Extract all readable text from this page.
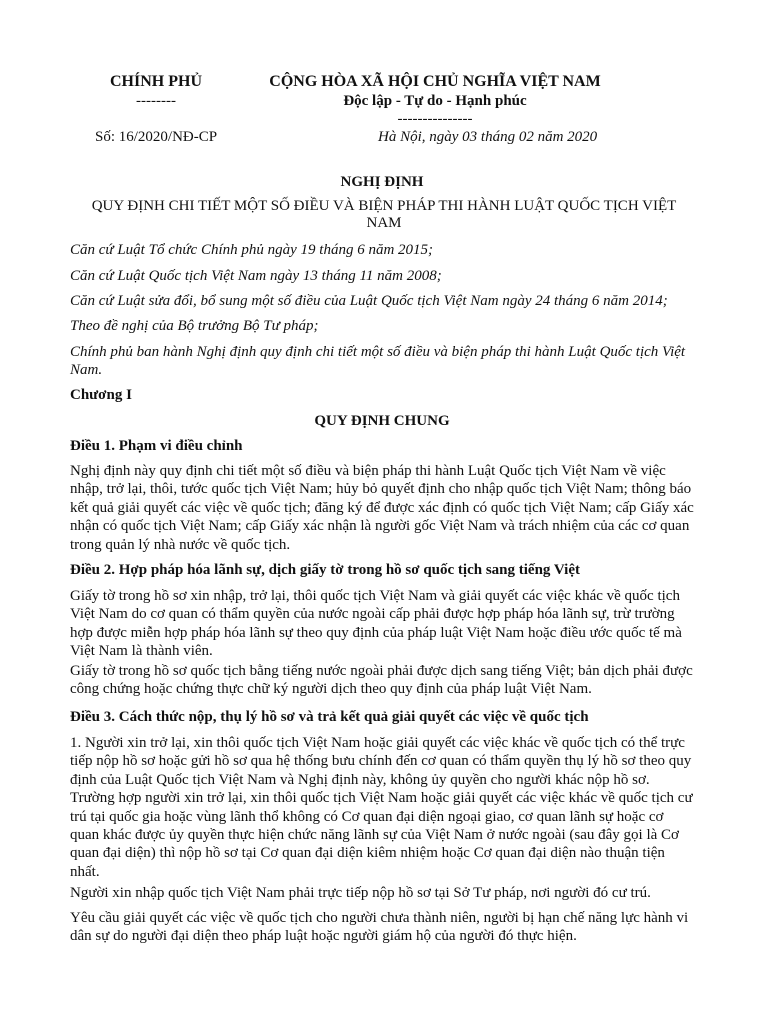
CHÍNH PHỦ
--------
CỘNG HÒA XÃ HỘI CHỦ NGHĨA VIỆT NAM
Độc lập - Tự do - Hạnh phúc
---------------
Số: 16/2020/NĐ-CP	Hà Nội, ngày 03 tháng 02 năm 2020
NGHỊ ĐỊNH
QUY ĐỊNH CHI TIẾT MỘT SỐ ĐIỀU VÀ BIỆN PHÁP THI HÀNH LUẬT QUỐC TỊCH VIỆT NAM
Căn cứ Luật Tổ chức Chính phủ ngày 19 tháng 6 năm 2015;
Căn cứ Luật Quốc tịch Việt Nam ngày 13 tháng 11 năm 2008;
Căn cứ Luật sửa đổi, bổ sung một số điều của Luật Quốc tịch Việt Nam ngày 24 tháng 6 năm 2014;
Theo đề nghị của Bộ trưởng Bộ Tư pháp;
Chính phủ ban hành Nghị định quy định chi tiết một số điều và biện pháp thi hành Luật Quốc tịch Việt Nam.
Chương I
QUY ĐỊNH CHUNG
Điều 1. Phạm vi điều chỉnh
Nghị định này quy định chi tiết một số điều và biện pháp thi hành Luật Quốc tịch Việt Nam về việc nhập, trở lại, thôi, tước quốc tịch Việt Nam; hủy bỏ quyết định cho nhập quốc tịch Việt Nam; thông báo kết quả giải quyết các việc về quốc tịch; đăng ký để được xác định có quốc tịch Việt Nam; cấp Giấy xác nhận có quốc tịch Việt Nam; cấp Giấy xác nhận là người gốc Việt Nam và trách nhiệm của các cơ quan trong quản lý nhà nước về quốc tịch.
Điều 2. Hợp pháp hóa lãnh sự, dịch giấy tờ trong hồ sơ quốc tịch sang tiếng Việt
Giấy tờ trong hồ sơ xin nhập, trở lại, thôi quốc tịch Việt Nam và giải quyết các việc khác về quốc tịch Việt Nam do cơ quan có thẩm quyền của nước ngoài cấp phải được hợp pháp hóa lãnh sự, trừ trường hợp được miễn hợp pháp hóa lãnh sự theo quy định của pháp luật Việt Nam hoặc điều ước quốc tế mà Việt Nam là thành viên.
Giấy tờ trong hồ sơ quốc tịch bằng tiếng nước ngoài phải được dịch sang tiếng Việt; bản dịch phải được công chứng hoặc chứng thực chữ ký người dịch theo quy định của pháp luật Việt Nam.
Điều 3. Cách thức nộp, thụ lý hồ sơ và trả kết quả giải quyết các việc về quốc tịch
1. Người xin trở lại, xin thôi quốc tịch Việt Nam hoặc giải quyết các việc khác về quốc tịch có thể trực tiếp nộp hồ sơ hoặc gửi hồ sơ qua hệ thống bưu chính đến cơ quan có thẩm quyền thụ lý hồ sơ theo quy định của Luật Quốc tịch Việt Nam và Nghị định này, không ủy quyền cho người khác nộp hồ sơ. Trường hợp người xin trở lại, xin thôi quốc tịch Việt Nam hoặc giải quyết các việc khác về quốc tịch cư trú tại quốc gia hoặc vùng lãnh thổ không có Cơ quan đại diện ngoại giao, cơ quan lãnh sự hoặc cơ quan khác được ủy quyền thực hiện chức năng lãnh sự của Việt Nam ở nước ngoài (sau đây gọi là Cơ quan đại diện) thì nộp hồ sơ tại Cơ quan đại diện kiêm nhiệm hoặc Cơ quan đại diện nào thuận tiện nhất.
Người xin nhập quốc tịch Việt Nam phải trực tiếp nộp hồ sơ tại Sở Tư pháp, nơi người đó cư trú.
Yêu cầu giải quyết các việc về quốc tịch cho người chưa thành niên, người bị hạn chế năng lực hành vi dân sự do người đại diện theo pháp luật hoặc người giám hộ của người đó thực hiện.
